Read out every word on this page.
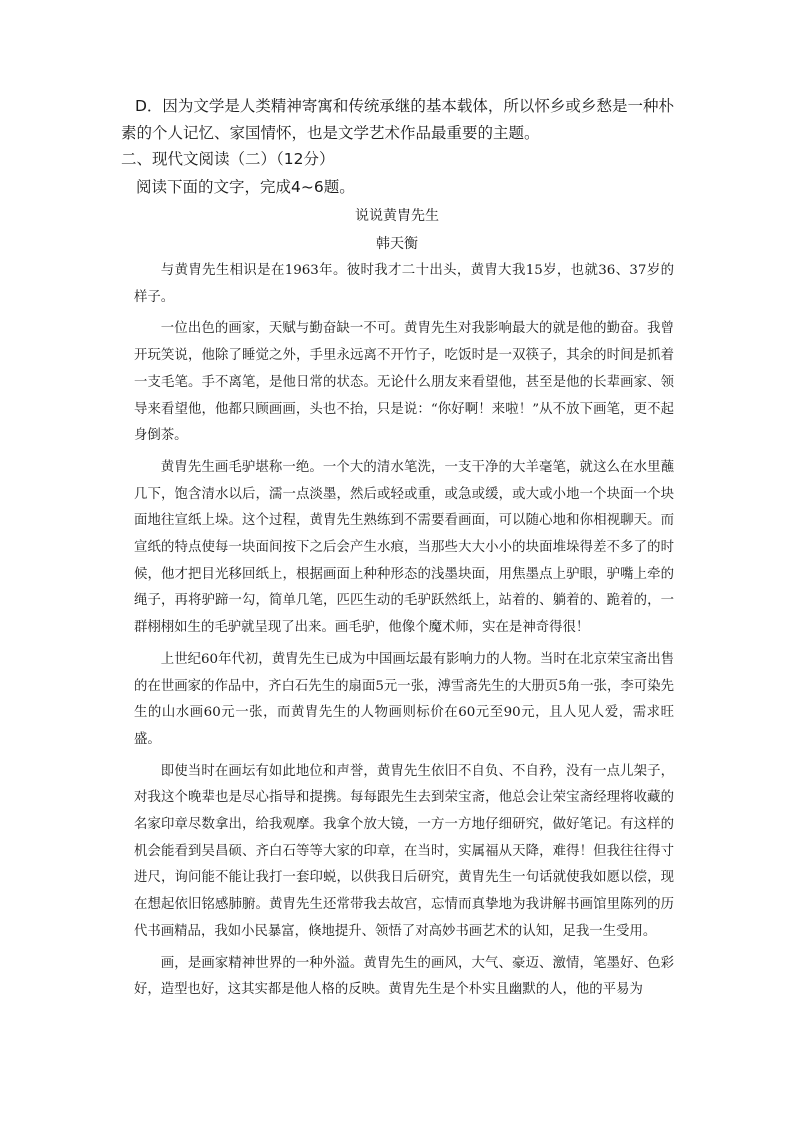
D．因为文学是人类精神寄寓和传统承继的基本载体，所以怀乡或乡愁是一种朴素的个人记忆、家国情怀，也是文学艺术作品最重要的主题。

二、现代文阅读（二）（12分）

阅读下面的文字，完成4~6题。

说说黄胄先生

韩天衡

与黄胄先生相识是在1963年。彼时我才二十出头，黄胄大我15岁，也就36、37岁的样子。

一位出色的画家，天赋与勤奋缺一不可。黄胄先生对我影响最大的就是他的勤奋。我曾开玩笑说，他除了睡觉之外，手里永远离不开竹子，吃饭时是一双筷子，其余的时间是抓着一支毛笔。手不离笔，是他日常的状态。无论什么朋友来看望他，甚至是他的长辈画家、领导来看望他，他都只顾画画，头也不抬，只是说：“你好啊！来啦！”从不放下画笔，更不起身倒茶。

黄胄先生画毛驴堪称一绝。一个大的清水笔洗，一支干净的大羊毫笔，就这么在水里蘸几下，饱含清水以后，濡一点淡墨，然后或轻或重，或急或缓，或大或小地一个块面一个块面地往宣纸上垛。这个过程，黄胄先生熟练到不需要看画面，可以随心地和你相视聊天。而宣纸的特点使每一块面间按下之后会产生水痕，当那些大大小小的块面堆垛得差不多了的时候，他才把目光移回纸上，根据画面上种种形态的浅墨块面，用焦墨点上驴眼，驴嘴上牵的绳子，再将驴蹄一勾，简单几笔，匹匹生动的毛驴跃然纸上，站着的、躺着的、跪着的，一群栩栩如生的毛驴就呈现了出来。画毛驴，他像个魔术师，实在是神奇得很！

上世纪60年代初，黄胄先生已成为中国画坛最有影响力的人物。当时在北京荣宝斋出售的在世画家的作品中，齐白石先生的扇面5元一张，溥雪斋先生的大册页5角一张，李可染先生的山水画60元一张，而黄胄先生的人物画则标价在60元至90元，且人见人爱，需求旺盛。

即使当时在画坛有如此地位和声誉，黄胄先生依旧不自负、不自矜，没有一点儿架子，对我这个晚辈也是尽心指导和提携。每每跟先生去到荣宝斋，他总会让荣宝斋经理将收藏的名家印章尽数拿出，给我观摩。我拿个放大镜，一方一方地仔细研究，做好笔记。有这样的机会能看到吴昌硕、齐白石等等大家的印章，在当时，实属福从天降，难得！但我往往得寸进尺，询问能不能让我打一套印蜕，以供我日后研究，黄胄先生一句话就使我如愿以偿，现在想起依旧铭感肺腑。黄胄先生还常带我去故宫，忘情而真挚地为我讲解书画馆里陈列的历代书画精品，我如小民暴富，倏地提升、领悟了对高妙书画艺术的认知，足我一生受用。

画，是画家精神世界的一种外溢。黄胄先生的画风，大气、豪迈、激情，笔墨好、色彩好，造型也好，这其实都是他人格的反映。黄胄先生是个朴实且幽默的人，他的平易为
